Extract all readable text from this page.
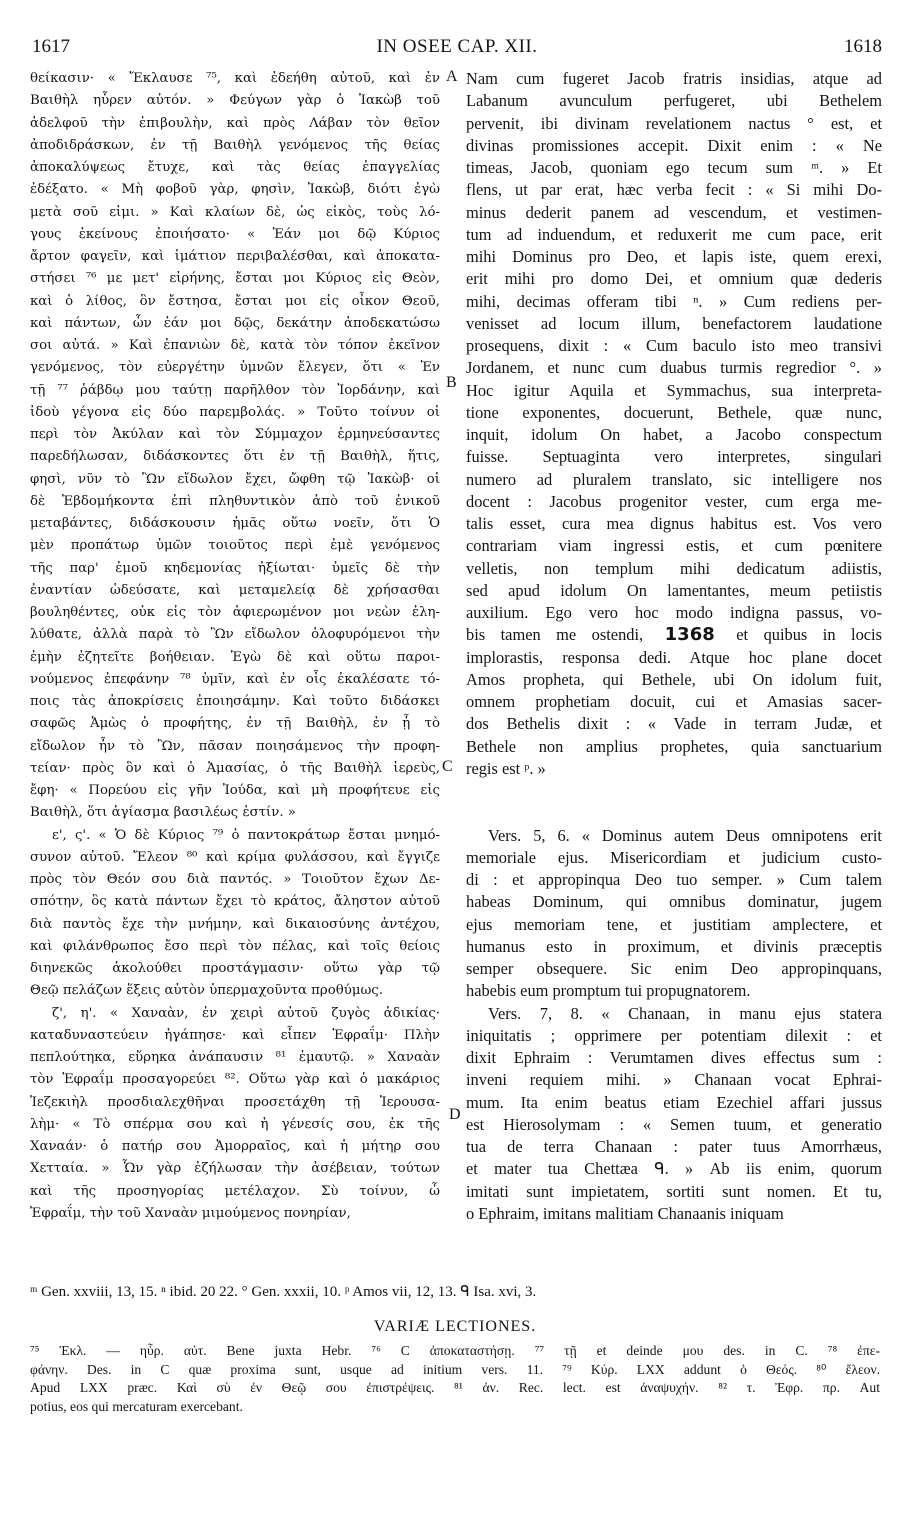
1617	IN OSEE CAP. XII.	1618
A
B
C
D
θείκασιν· « Ἔκλαυσε ⁷⁵, καὶ ἐδεήθη αὐτοῦ, καὶ ἐν
Βαιθὴλ ηὗρεν αὐτόν. » Φεύγων γὰρ ὁ Ἰακὼβ τοῦ
ἀδελφοῦ τὴν ἐπιβουλὴν, καὶ πρὸς Λάβαν τὸν θεῖον
ἀποδιδράσκων, ἐν τῇ Βαιθὴλ γενόμενος τῆς θείας
ἀποκαλύψεως ἔτυχε, καὶ τὰς θείας ἐπαγγελίας
ἐδέξατο. « Μὴ φοβοῦ γὰρ, φησὶν, Ἰακὼβ, διότι ἐγὼ
μετὰ σοῦ εἰμι. » Καὶ κλαίων δὲ, ὡς εἰκὸς, τοὺς λό-
γους ἐκείνους ἐποιήσατο· « Ἐάν μοι δῷ Κύριος
ἄρτον φαγεῖν, καὶ ἱμάτιον περιβαλέσθαι, καὶ ἀποκατα-
στήσει ⁷⁶ με μετ' εἰρήνης, ἔσται μοι Κύριος εἰς Θεὸν,
καὶ ὁ λίθος, ὃν ἔστησα, ἔσται μοι εἰς οἶκον Θεοῦ,
καὶ πάντων, ὧν ἐάν μοι δῷς, δεκάτην ἀποδεκατώσω
σοι αὐτά. » Καὶ ἐπανιὼν δὲ, κατὰ τὸν τόπον ἐκεῖνον
γενόμενος, τὸν εὐεργέτην ὑμνῶν ἔλεγεν, ὅτι « Ἐν
τῇ ⁷⁷ ῥάβδῳ μου ταύτῃ παρῆλθον τὸν Ἰορδάνην, καὶ
ἰδοὺ γέγονα εἰς δύο παρεμβολάς. » Τοῦτο τοίνυν οἱ
περὶ τὸν Ἀκύλαν καὶ τὸν Σύμμαχον ἑρμηνεύσαντες
παρεδήλωσαν, διδάσκοντες ὅτι ἐν τῇ Βαιθὴλ, ἥτις,
φησὶ, νῦν τὸ Ὢν εἴδωλον ἔχει, ὤφθη τῷ Ἰακὼβ· οἱ
δὲ Ἑβδομήκοντα ἐπὶ πληθυντικὸν ἀπὸ τοῦ ἑνικοῦ
μεταβάντες, διδάσκουσιν ἡμᾶς οὕτω νοεῖν, ὅτι Ὁ
μὲν προπάτωρ ὑμῶν τοιοῦτος περὶ ἐμὲ γενόμενος
τῆς παρ' ἐμοῦ κηδεμονίας ἠξίωται· ὑμεῖς δὲ τὴν
ἐναντίαν ὡδεύσατε, καὶ μεταμελείᾳ δὲ χρήσασθαι
βουληθέντες, οὐκ εἰς τὸν ἀφιερωμένον μοι νεὼν ἐλη-
λύθατε, ἀλλὰ παρὰ τὸ Ὢν εἴδωλον ὀλοφυρόμενοι τὴν
ἐμὴν ἐζητεῖτε βοήθειαν. Ἐγὼ δὲ καὶ οὕτω παροι-
νούμενος ἐπεφάνην ⁷⁸ ὑμῖν, καὶ ἐν οἷς ἐκαλέσατε τό-
ποις τὰς ἀποκρίσεις ἐποιησάμην. Καὶ τοῦτο διδάσκει
σαφῶς Ἀμὼς ὁ προφήτης, ἐν τῇ Βαιθὴλ, ἐν ᾗ τὸ
εἴδωλον ἦν τὸ Ὢν, πᾶσαν ποιησάμενος τὴν προφη-
τείαν· πρὸς ὃν καὶ ὁ Ἀμασίας, ὁ τῆς Βαιθὴλ ἱερεὺς,
ἔφη· « Πορεύου εἰς γῆν Ἰούδα, καὶ μὴ προφήτευε εἰς
Βαιθὴλ, ὅτι ἁγίασμα βασιλέως ἐστίν. »
ε', ς'. « Ὁ δὲ Κύριος ⁷⁹ ὁ παντοκράτωρ ἔσται μνημό-
συνον αὐτοῦ. Ἔλεον ⁸⁰ καὶ κρίμα φυλάσσου, καὶ ἔγγιζε
πρὸς τὸν Θεόν σου διὰ παντός. » Τοιοῦτον ἔχων Δε-
σπότην, ὃς κατὰ πάντων ἔχει τὸ κράτος, ἄληστον αὐτοῦ
διὰ παντὸς ἔχε τὴν μνήμην, καὶ δικαιοσύνης ἀντέχου,
καὶ φιλάνθρωπος ἔσο περὶ τὸν πέλας, καὶ τοῖς θείοις
διηνεκῶς ἀκολούθει προστάγμασιν· οὕτω γὰρ τῷ
Θεῷ πελάζων ἕξεις αὐτὸν ὑπερμαχοῦντα προθύμως.
ζ', η'. « Χαναὰν, ἐν χειρὶ αὐτοῦ ζυγὸς ἀδικίας·
καταδυναστεύειν ἠγάπησε· καὶ εἶπεν Ἐφραΐμ· Πλὴν
πεπλούτηκα, εὕρηκα ἀνάπαυσιν ⁸¹ ἐμαυτῷ. » Χαναὰν
τὸν Ἐφραΐμ προσαγορεύει ⁸². Οὕτω γὰρ καὶ ὁ μακάριος
Ἰεζεκιὴλ προσδιαλεχθῆναι προσετάχθη τῇ Ἱερουσα-
λὴμ· « Τὸ σπέρμα σου καὶ ἡ γένεσίς σου, ἐκ τῆς
Χαναάν· ὁ πατήρ σου Ἀμορραῖος, καὶ ἡ μήτηρ σου
Χετταία. » Ὧν γὰρ ἐζήλωσαν τὴν ἀσέβειαν, τούτων
καὶ τῆς προσηγορίας μετέλαχον. Σὺ τοίνυν, ὦ
Ἐφραΐμ, τὴν τοῦ Χαναὰν μιμούμενος πονηρίαν,
Nam cum fugeret Jacob fratris insidias, atque ad
Labanum avunculum perfugeret, ubi Bethelem
pervenit, ibi divinam revelationem nactus ° est, et
divinas promissiones accepit. Dixit enim : « Ne
timeas, Jacob, quoniam ego tecum sum ᵐ. » Et
flens, ut par erat, hæc verba fecit : « Si mihi Do-
minus dederit panem ad vescendum, et vestimen-
tum ad induendum, et reduxerit me cum pace, erit
mihi Dominus pro Deo, et lapis iste, quem erexi,
erit mihi pro domo Dei, et omnium quæ dederis
mihi, decimas offeram tibi ⁿ. » Cum rediens per-
venisset ad locum illum, benefactorem laudatione
prosequens, dixit : « Cum baculo isto meo transivi
Jordanem, et nunc cum duabus turmis regredior °. »
Hoc igitur Aquila et Symmachus, sua interpreta-
tione exponentes, docuerunt, Bethele, quæ nunc,
inquit, idolum On habet, a Jacobo conspectum
fuisse. Septuaginta vero interpretes, singulari
numero ad pluralem translato, sic intelligere nos
docent : Jacobus progenitor vester, cum erga me-
talis esset, cura mea dignus habitus est. Vos vero
contrariam viam ingressi estis, et cum pœnitere
velletis, non templum mihi dedicatum adiistis,
sed apud idolum On lamentantes, meum petiistis
auxilium. Ego vero hoc modo indigna passus, vo-
bis tamen me ostendi, 1368 et quibus in locis
implorastis, responsa dedi. Atque hoc plane docet
Amos propheta, qui Bethele, ubi On idolum fuit,
omnem prophetiam docuit, cui et Amasias sacer-
dos Bethelis dixit : « Vade in terram Judæ, et
Bethele non amplius prophetes, quia sanctuarium
regis est ᵖ. »
Vers. 5, 6. « Dominus autem Deus omnipotens erit
memoriale ejus. Misericordiam et judicium custo-
di : et appropinqua Deo tuo semper. » Cum talem
habeas Dominum, qui omnibus dominatur, jugem
ejus memoriam tene, et justitiam amplectere, et
humanus esto in proximum, et divinis præceptis
semper obsequere. Sic enim Deo appropinquans,
habebis eum promptum tui propugnatorem.
Vers. 7, 8. « Chanaan, in manu ejus statera
iniquitatis ; opprimere per potentiam dilexit : et
dixit Ephraim : Verumtamen dives effectus sum :
inveni requiem mihi. » Chanaan vocat Ephrai-
mum. Ita enim beatus etiam Ezechiel affari jussus
est Hierosolymam : « Semen tuum, et generatio
tua de terra Chanaan : pater tuus Amorrhæus,
et mater tua Chettæa ᑫ. » Ab iis enim, quorum
imitati sunt impietatem, sortiti sunt nomen. Et tu,
o Ephraim, imitans malitiam Chanaanis iniquam
ᵐ Gen. xxviii, 13, 15. ⁿ ibid. 20 22. ° Gen. xxxii, 10. ᵖ Amos vii, 12, 13. ᑫ Isa. xvi, 3.
VARIÆ LECTIONES.
⁷⁵ Ἐκλ. — ηὗρ. αὐτ. Bene juxta Hebr. ⁷⁶ C ἀποκαταστήσῃ. ⁷⁷ τῇ et deinde μου des. in C. ⁷⁸ ἐπε-
φάνην. Des. in C quæ proxima sunt, usque ad initium vers. 11. ⁷⁹ Κύρ. LXX addunt ὁ Θεός. ⁸⁰ ἔλεον.
Apud LXX præc. Καὶ σὺ ἐν Θεῷ σου ἐπιστρέψεις. ⁸¹ ἀν. Rec. lect. est ἀναψυχήν. ⁸² τ. Ἐφρ. πρ. Aut
potius, eos qui mercaturam exercebant.
